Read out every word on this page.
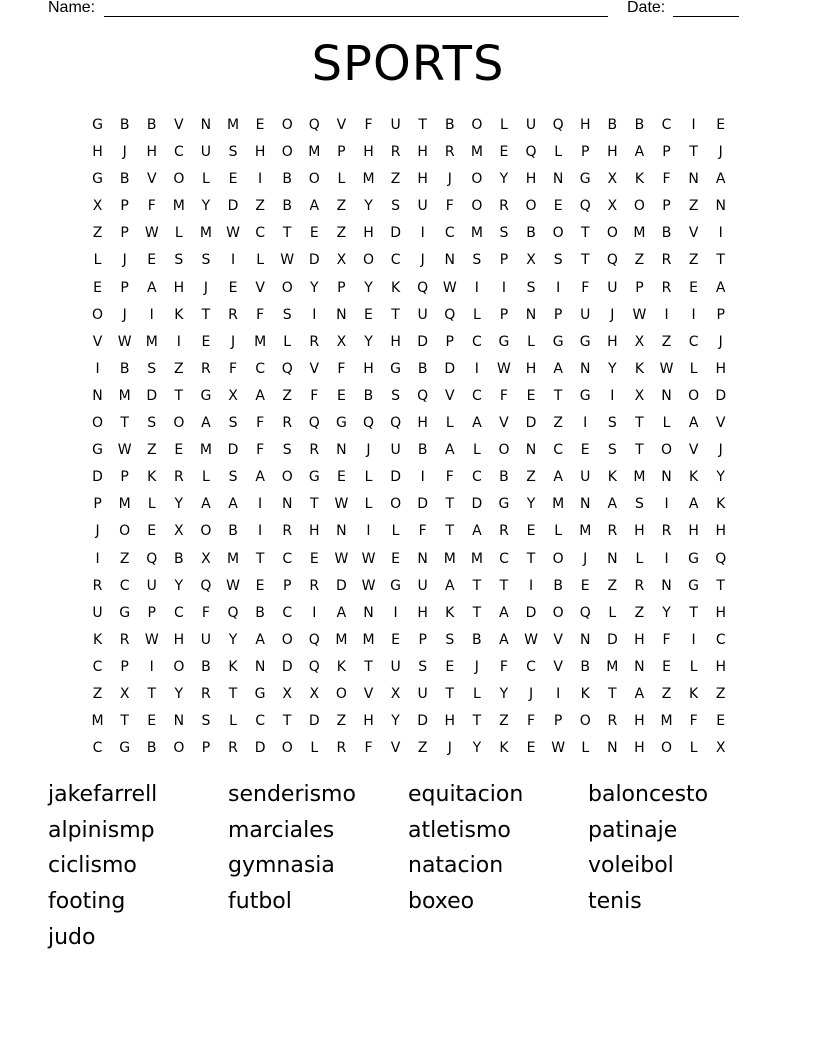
Name:	Date:
SPORTS
G B B V N M E O Q V F U T B O L U Q H B B C I E
H J H C U S H O M P H R H R M E Q L P H A P T J
G B V O L E I B O L M Z H J O Y H N G X K F N A
X P F M Y D Z B A Z Y S U F O R O E Q X O P Z N
Z P W L M W C T E Z H D I C M S B O T O M B V I
L J E S S I L W D X O C J N S P X S T Q Z R Z T
E P A H J E V O Y P Y K Q W I I S I F U P R E A
O J I K T R F S I N E T U Q L P N P U J W I I P
V W M I E J M L R X Y H D P C G L G G H X Z C J
I B S Z R F C Q V F H G B D I W H A N Y K W L H
N M D T G X A Z F E B S Q V C F E T G I X N O D
O T S O A S F R Q G Q Q H L A V D Z I S T L A V
G W Z E M D F S R N J U B A L O N C E S T O V J
D P K R L S A O G E L D I F C B Z A U K M N K Y
P M L Y A A I N T W L O D T D G Y M N A S I A K
J O E X O B I R H N I L F T A R E L M R H R H H
I Z Q B X M T C E W W E N M M C T O J N L I G Q
R C U Y Q W E P R D W G U A T T I B E Z R N G T
U G P C F Q B C I A N I H K T A D O Q L Z Y T H
K R W H U Y A O Q M M E P S B A W V N D H F I C
C P I O B K N D Q K T U S E J F C V B M N E L H
Z X T Y R T G X X O V X U T L Y J I K T A Z K Z
M T E N S L C T D Z H Y D H T Z F P O R H M F E
C G B O P R D O L R F V Z J Y K E W L N H O L X
jakefarrell	senderismo equitacion	baloncesto
alpinismp	marciales	atletismo	patinaje
ciclismo	gymnasia	natacion	voleibol
footing	futbol	boxeo	tenis
judo
